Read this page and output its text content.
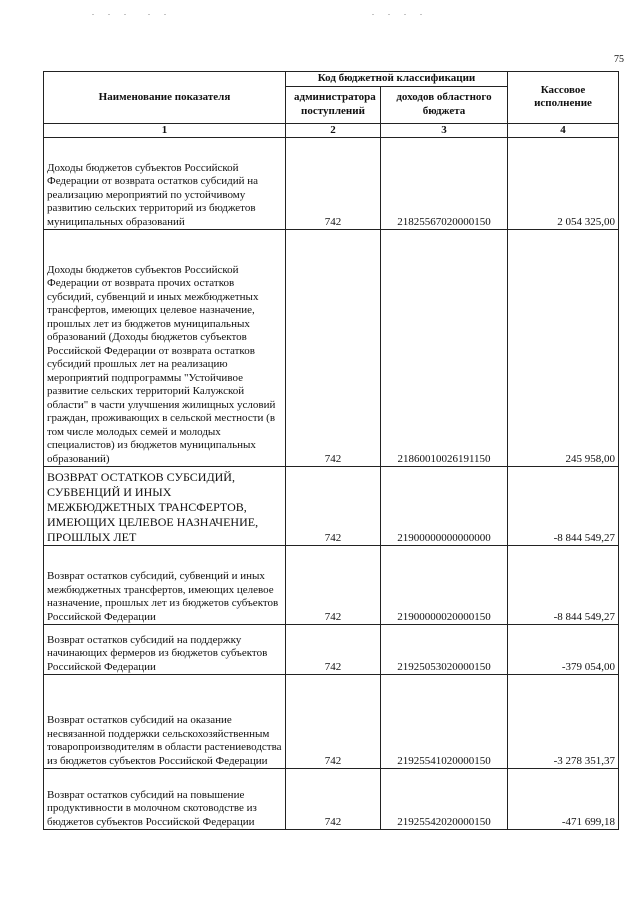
. . .  . .	. . . .
75
Наименование показателя	Код бюджетной классификации		Кассовое исполнение
	администратора поступлений	доходов областного бюджета	
1	2	3	4
Доходы бюджетов субъектов Российской Федерации от возврата остатков субсидий на реализацию мероприятий по устойчивому развитию сельских территорий из бюджетов муниципальных образований	742	21825567020000150	2 054 325,00
Доходы бюджетов субъектов Российской Федерации от возврата прочих остатков субсидий, субвенций и иных межбюджетных трансфертов, имеющих целевое назначение, прошлых лет из бюджетов муниципальных образований (Доходы бюджетов субъектов Российской Федерации от возврата остатков субсидий прошлых лет на реализацию мероприятий подпрограммы "Устойчивое развитие сельских территорий Калужской области" в части улучшения жилищных условий граждан, проживающих в сельской местности (в том числе молодых семей и молодых специалистов) из бюджетов муниципальных образований)	742	21860010026191150	245 958,00
ВОЗВРАТ ОСТАТКОВ СУБСИДИЙ, СУБВЕНЦИЙ И ИНЫХ МЕЖБЮДЖЕТНЫХ ТРАНСФЕРТОВ, ИМЕЮЩИХ ЦЕЛЕВОЕ НАЗНАЧЕНИЕ, ПРОШЛЫХ ЛЕТ	742	21900000000000000	-8 844 549,27
Возврат остатков субсидий, субвенций и иных межбюджетных трансфертов, имеющих целевое назначение, прошлых лет из бюджетов субъектов Российской Федерации	742	21900000020000150	-8 844 549,27
Возврат остатков субсидий на поддержку начинающих фермеров из бюджетов субъектов Российской Федерации	742	21925053020000150	-379 054,00
Возврат остатков субсидий на оказание несвязанной поддержки сельскохозяйственным товаропроизводителям в области растениеводства из бюджетов субъектов Российской Федерации	742	21925541020000150	-3 278 351,37
Возврат остатков субсидий на повышение продуктивности в молочном скотоводстве из бюджетов субъектов Российской Федерации	742	21925542020000150	-471 699,18
